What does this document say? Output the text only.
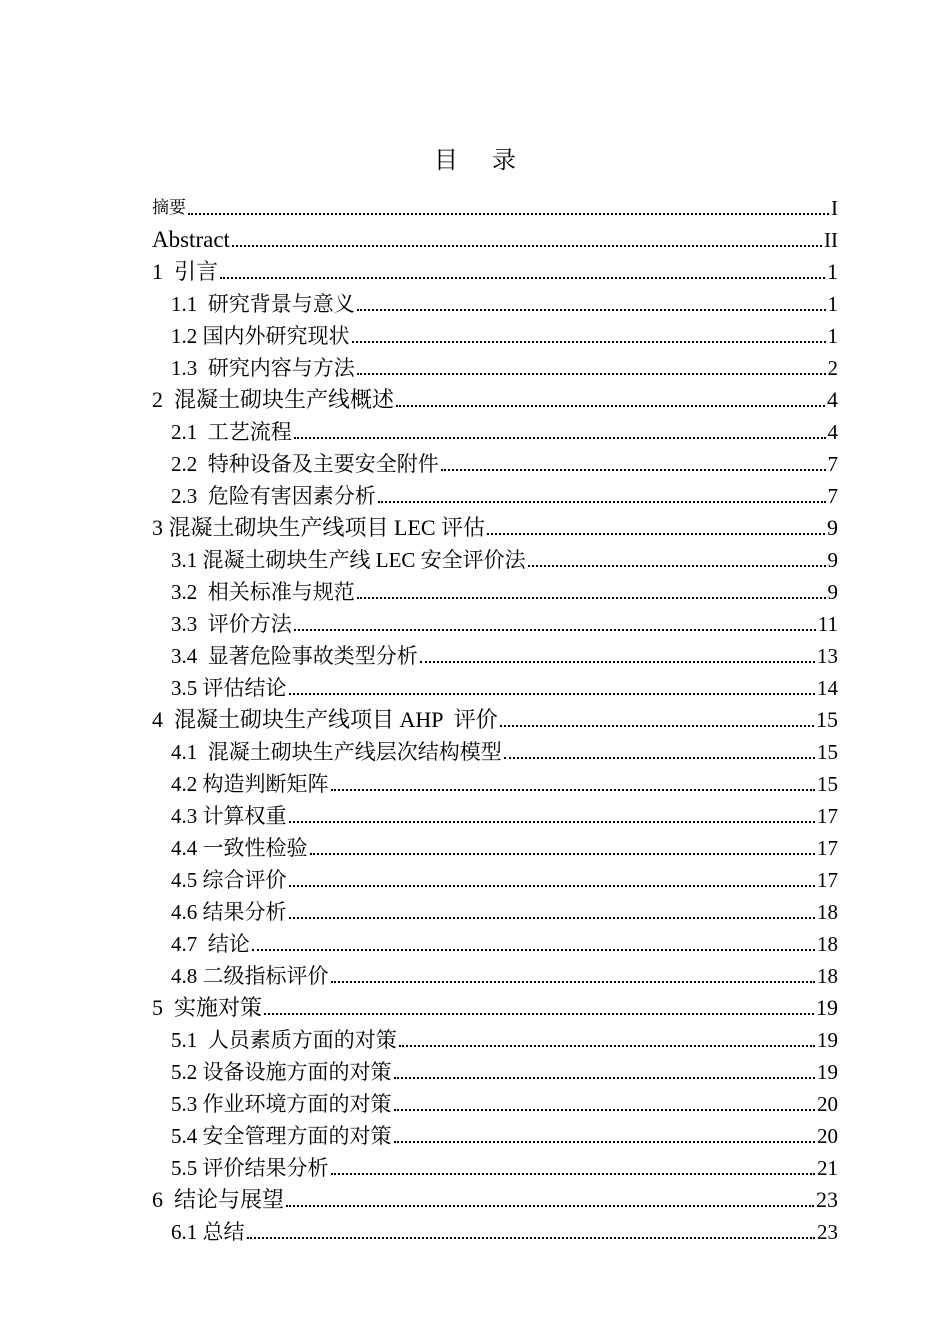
目 录
摘要	I
Abstract	II
1  引言	1
1.1  研究背景与意义	1
1.2 国内外研究现状	1
1.3  研究内容与方法	2
2  混凝土砌块生产线概述	4
2.1  工艺流程	4
2.2  特种设备及主要安全附件	7
2.3  危险有害因素分析	7
3 混凝土砌块生产线项目 LEC 评估	9
3.1 混凝土砌块生产线 LEC 安全评价法	9
3.2  相关标准与规范	9
3.3  评价方法	11
3.4  显著危险事故类型分析	13
3.5 评估结论	14
4  混凝土砌块生产线项目 AHP  评价	15
4.1  混凝土砌块生产线层次结构模型	15
4.2 构造判断矩阵	15
4.3 计算权重	17
4.4 一致性检验	17
4.5 综合评价	17
4.6 结果分析	18
4.7  结论	18
4.8 二级指标评价	18
5  实施对策	19
5.1  人员素质方面的对策	19
5.2 设备设施方面的对策	19
5.3 作业环境方面的对策	20
5.4 安全管理方面的对策	20
5.5 评价结果分析	21
6  结论与展望	23
6.1 总结	23
